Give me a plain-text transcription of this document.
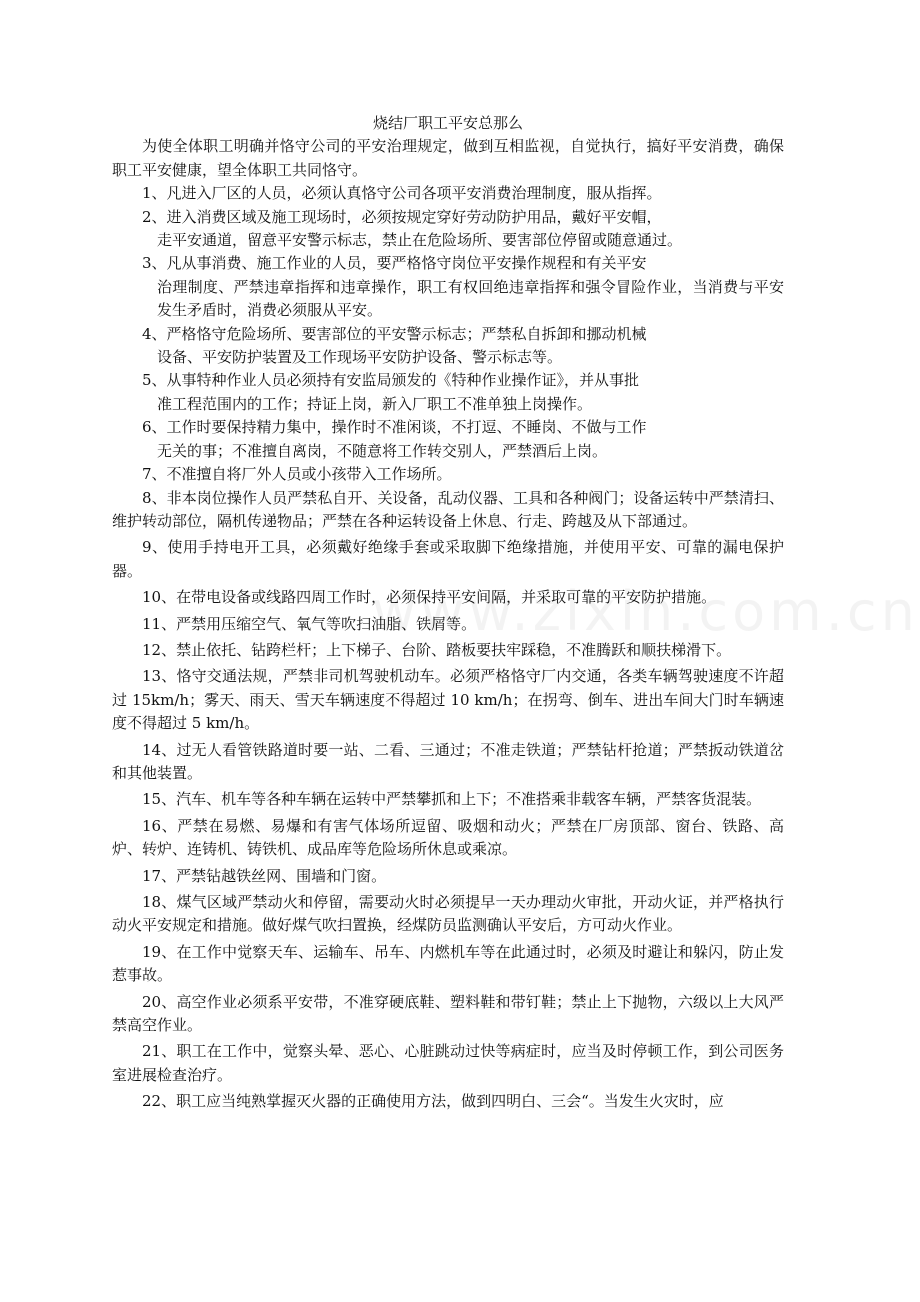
烧结厂职工平安总那么

为使全体职工明确并恪守公司的平安治理规定，做到互相监视，自觉执行，搞好平安消费，确保职工平安健康，望全体职工共同恪守。

1、凡进入厂区的人员，必须认真恪守公司各项平安消费治理制度，服从指挥。
2、进入消费区域及施工现场时，必须按规定穿好劳动防护用品，戴好平安帽，
走平安通道，留意平安警示标志，禁止在危险场所、要害部位停留或随意通过。
3、凡从事消费、施工作业的人员，要严格恪守岗位平安操作规程和有关平安
治理制度、严禁违章指挥和违章操作，职工有权回绝违章指挥和强令冒险作业，当消费与平安发生矛盾时，消费必须服从平安。
4、严格恪守危险场所、要害部位的平安警示标志；严禁私自拆卸和挪动机械
设备、平安防护装置及工作现场平安防护设备、警示标志等。
5、从事特种作业人员必须持有安监局颁发的《特种作业操作证》，并从事批
准工程范围内的工作；持证上岗，新入厂职工不准单独上岗操作。
6、工作时要保持精力集中，操作时不准闲谈，不打逗、不睡岗、不做与工作
无关的事；不准擅自离岗，不随意将工作转交别人，严禁酒后上岗。
7、不准擅自将厂外人员或小孩带入工作场所。
8、非本岗位操作人员严禁私自开、关设备，乱动仪器、工具和各种阀门；设备运转中严禁清扫、维护转动部位，隔机传递物品；严禁在各种运转设备上休息、行走、跨越及从下部通过。
9、使用手持电开工具，必须戴好绝缘手套或采取脚下绝缘措施，并使用平安、可靠的漏电保护器。
10、在带电设备或线路四周工作时，必须保持平安间隔，并采取可靠的平安防护措施。
11、严禁用压缩空气、氧气等吹扫油脂、铁屑等。
12、禁止依托、钻跨栏杆；上下梯子、台阶、踏板要扶牢踩稳，不准腾跃和顺扶梯滑下。
13、恪守交通法规，严禁非司机驾驶机动车。必须严格恪守厂内交通，各类车辆驾驶速度不许超过 15km/h；雾天、雨天、雪天车辆速度不得超过 10 km/h；在拐弯、倒车、进出车间大门时车辆速度不得超过 5 km/h。
14、过无人看管铁路道时要一站、二看、三通过；不准走铁道；严禁钻杆抢道；严禁扳动铁道岔和其他装置。
15、汽车、机车等各种车辆在运转中严禁攀抓和上下；不准搭乘非载客车辆，严禁客货混装。
16、严禁在易燃、易爆和有害气体场所逗留、吸烟和动火；严禁在厂房顶部、窗台、铁路、高炉、转炉、连铸机、铸铁机、成品库等危险场所休息或乘凉。
17、严禁钻越铁丝网、围墙和门窗。
18、煤气区域严禁动火和停留，需要动火时必须提早一天办理动火审批，开动火证，并严格执行动火平安规定和措施。做好煤气吹扫置换，经煤防员监测确认平安后，方可动火作业。
19、在工作中觉察天车、运输车、吊车、内燃机车等在此通过时，必须及时避让和躲闪，防止发惹事故。
20、高空作业必须系平安带，不准穿硬底鞋、塑料鞋和带钉鞋；禁止上下抛物，六级以上大风严禁高空作业。
21、职工在工作中，觉察头晕、恶心、心脏跳动过快等病症时，应当及时停顿工作，到公司医务室进展检查治疗。
22、职工应当纯熟掌握灭火器的正确使用方法，做到四明白、三会“。当发生火灾时，应
